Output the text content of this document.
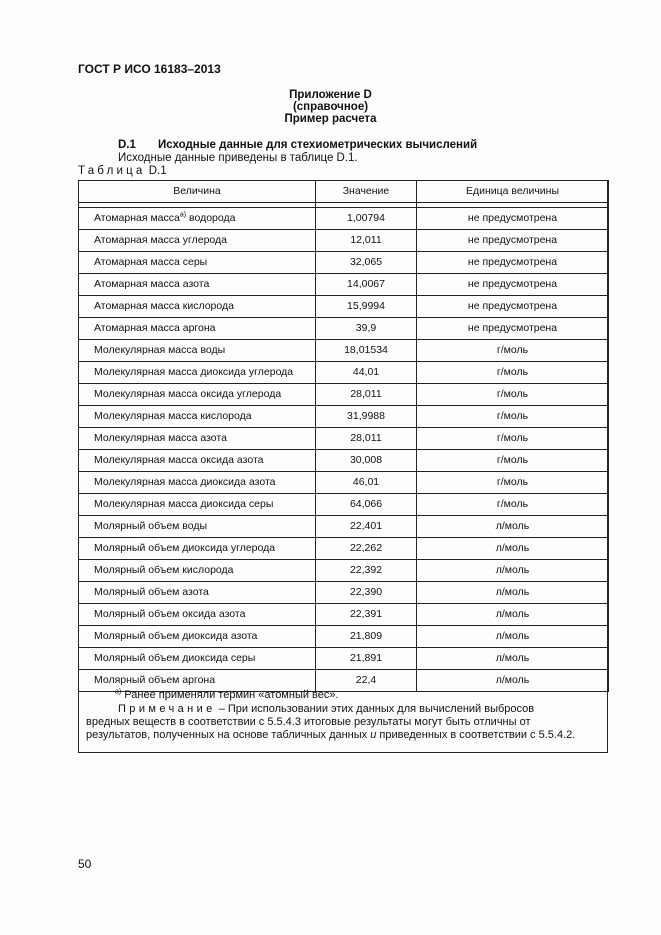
ГОСТ Р ИСО 16183–2013
Приложение D
(справочное)
Пример расчета
D.1 Исходные данные для стехиометрических вычислений
Исходные данные приведены в таблице D.1.
Таблица D.1
Величина	Значение	Единица величины

Атомарная масса$^{а)}$ водорода	1,00794	не предусмотрена
Атомарная масса углерода	12,011	не предусмотрена
Атомарная масса серы	32,065	не предусмотрена
Атомарная масса азота	14,0067	не предусмотрена
Атомарная масса кислорода	15,9994	не предусмотрена
Атомарная масса аргона	39,9	не предусмотрена
Молекулярная масса воды	18,01534	г/моль
Молекулярная масса диоксида углерода	44,01	г/моль
Молекулярная масса оксида углерода	28,011	г/моль
Молекулярная масса кислорода	31,9988	г/моль
Молекулярная масса азота	28,011	г/моль
Молекулярная масса оксида азота	30,008	г/моль
Молекулярная масса диоксида азота	46,01	г/моль
Молекулярная масса диоксида серы	64,066	г/моль
Молярный объем воды	22,401	л/моль
Молярный объем диоксида углерода	22,262	л/моль
Молярный объем кислорода	22,392	л/моль
Молярный объем азота	22,390	л/моль
Молярный объем оксида азота	22,391	л/моль
Молярный объем диоксида азота	21,809	л/моль
Молярный объем диоксида серы	21,891	л/моль
Молярный объем аргона	22,4	л/моль
$^{а)}$ Ранее применяли термин «атомный вес».
Примечание – При использовании этих данных для вычислений выбросов
вредных веществ в соответствии с 5.5.4.3 итоговые результаты могут быть отличны от
результатов, полученных на основе табличных данных и приведенных в соответствии с 5.5.4.2.
50
